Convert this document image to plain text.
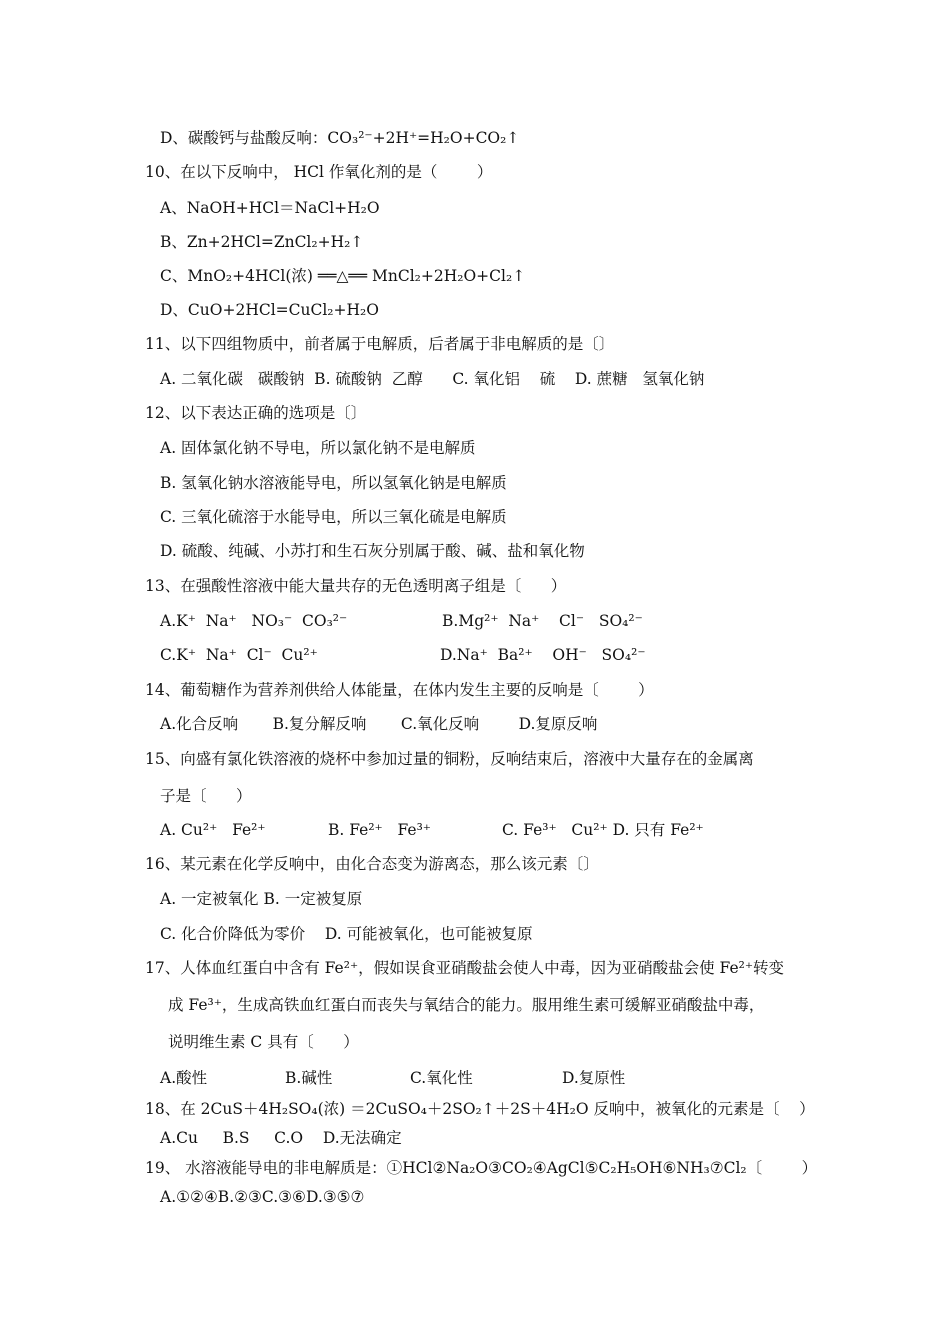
D、碳酸钙与盐酸反响：CO₃²⁻+2H⁺=H₂O+CO₂↑
10、在以下反响中， HCl 作氧化剂的是（        ）
A、NaOH+HCl＝NaCl+H₂O
B、Zn+2HCl=ZnCl₂+H₂↑
C、MnO₂+4HCl(浓) ══△══ MnCl₂+2H₂O+Cl₂↑
D、CuO+2HCl=CuCl₂+H₂O
11、以下四组物质中，前者属于电解质，后者属于非电解质的是〔〕
A. 二氧化碳   碳酸钠  B. 硫酸钠  乙醇      C. 氧化铝    硫    D. 蔗糖   氢氧化钠
12、以下表达正确的选项是〔〕
A. 固体氯化钠不导电，所以氯化钠不是电解质
B. 氢氧化钠水溶液能导电，所以氢氧化钠是电解质
C. 三氧化硫溶于水能导电，所以三氧化硫是电解质
D. 硫酸、纯碱、小苏打和生石灰分别属于酸、碱、盐和氧化物
13、在强酸性溶液中能大量共存的无色透明离子组是〔      ）
A.K⁺  Na⁺   NO₃⁻  CO₃²⁻	B.Mg²⁺  Na⁺    Cl⁻   SO₄²⁻
C.K⁺  Na⁺  Cl⁻  Cu²⁺	D.Na⁺  Ba²⁺    OH⁻   SO₄²⁻
14、葡萄糖作为营养剂供给人体能量，在体内发生主要的反响是〔        ）
A.化合反响       B.复分解反响       C.氧化反响        D.复原反响
15、向盛有氯化铁溶液的烧杯中参加过量的铜粉，反响结束后，溶液中大量存在的金属离
子是〔      ）
A. Cu²⁺   Fe²⁺	B. Fe²⁺   Fe³⁺	C. Fe³⁺   Cu²⁺ D. 只有 Fe²⁺
16、某元素在化学反响中，由化合态变为游离态，那么该元素〔〕
A. 一定被氧化 B. 一定被复原
C. 化合价降低为零价    D. 可能被氧化，也可能被复原
17、人体血红蛋白中含有 Fe²⁺，假如误食亚硝酸盐会使人中毒，因为亚硝酸盐会使 Fe²⁺转变
成 Fe³⁺，生成高铁血红蛋白而丧失与氧结合的能力。服用维生素可缓解亚硝酸盐中毒，
说明维生素 C 具有〔      ）
A.酸性	B.碱性	C.氧化性	D.复原性
18、在 2CuS＋4H₂SO₄(浓) ＝2CuSO₄＋2SO₂↑＋2S＋4H₂O 反响中，被氧化的元素是〔    ）
A.Cu     B.S     C.O    D.无法确定
19、 水溶液能导电的非电解质是：①HCl②Na₂O③CO₂④AgCl⑤C₂H₅OH⑥NH₃⑦Cl₂〔        ）
A.①②④B.②③C.③⑥D.③⑤⑦
